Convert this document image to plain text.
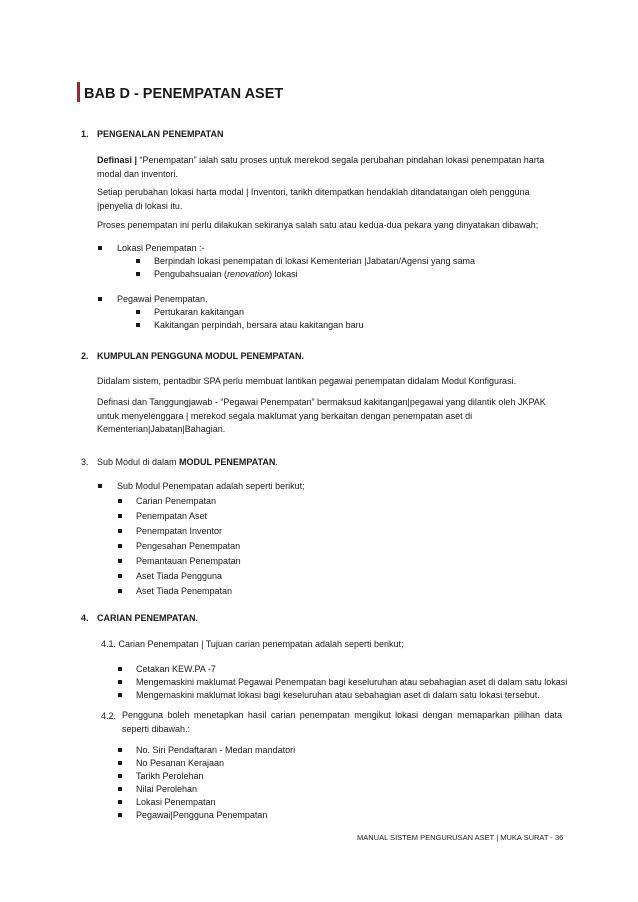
BAB D - PENEMPATAN ASET
1. PENGENALAN PENEMPATAN
Definasi | “Penempatan” ialah satu proses untuk merekod segala perubahan pindahan lokasi penempatan harta modal dan inventori.
Setiap perubahan lokasi harta modal | Inventori, tarikh ditempatkan hendaklah ditandatangan oleh pengguna |penyelia di lokasi itu.
Proses penempatan ini perlu dilakukan sekiranya salah satu atau kedua-dua pekara yang dinyatakan dibawah;
Lokasi Penempatan :-
Berpindah lokasi penempatan di lokasi Kementerian |Jabatan/Agensi yang sama
Pengubahsuaian (renovation) lokasi
Pegawai Penempatan.
Pertukaran kakitangan
Kakitangan perpindah, bersara atau kakitangan baru
2. KUMPULAN PENGGUNA MODUL PENEMPATAN.
Didalam sistem, pentadbir SPA perlu membuat lantikan pegawai penempatan didalam Modul Konfigurasi.
Definasi dan Tanggungjawab - “Pegawai Penempatan” bermaksud kakitangan|pegawai yang dilantik oleh JKPAK untuk menyelenggara | merekod segala maklumat yang berkaitan dengan penempatan aset di Kementerian|Jabatan|Bahagian.
3. Sub Modul di dalam MODUL PENEMPATAN.
Sub Modul Penempatan adalah seperti berikut;
Carian Penempatan
Penempatan Aset
Penempatan Inventor
Pengesahan Penempatan
Pemantauan Penempatan
Aset Tiada Pengguna
Aset Tiada Penempatan
4. CARIAN PENEMPATAN.
4.1. Carian Penempatan | Tujuan carian penempatan adalah seperti berikut;
Cetakan KEW.PA -7
Mengemaskini maklumat Pegawai Penempatan bagi keseluruhan atau sebahagian aset di dalam satu lokasi
Mengemaskini maklumat lokasi bagi keseluruhan atau sebahagian aset di dalam satu lokasi tersebut.
4.2. Pengguna boleh menetapkan hasil carian penempatan mengikut lokasi dengan memaparkan pilihan data seperti dibawah.:
No. Siri Pendaftaran - Medan mandatori
No Pesanan Kerajaan
Tarikh Perolehan
Nilai Perolehan
Lokasi Penempatan
Pegawai|Pengguna Penempatan
MANUAL SISTEM PENGURUSAN ASET | MUKA SURAT - 36
